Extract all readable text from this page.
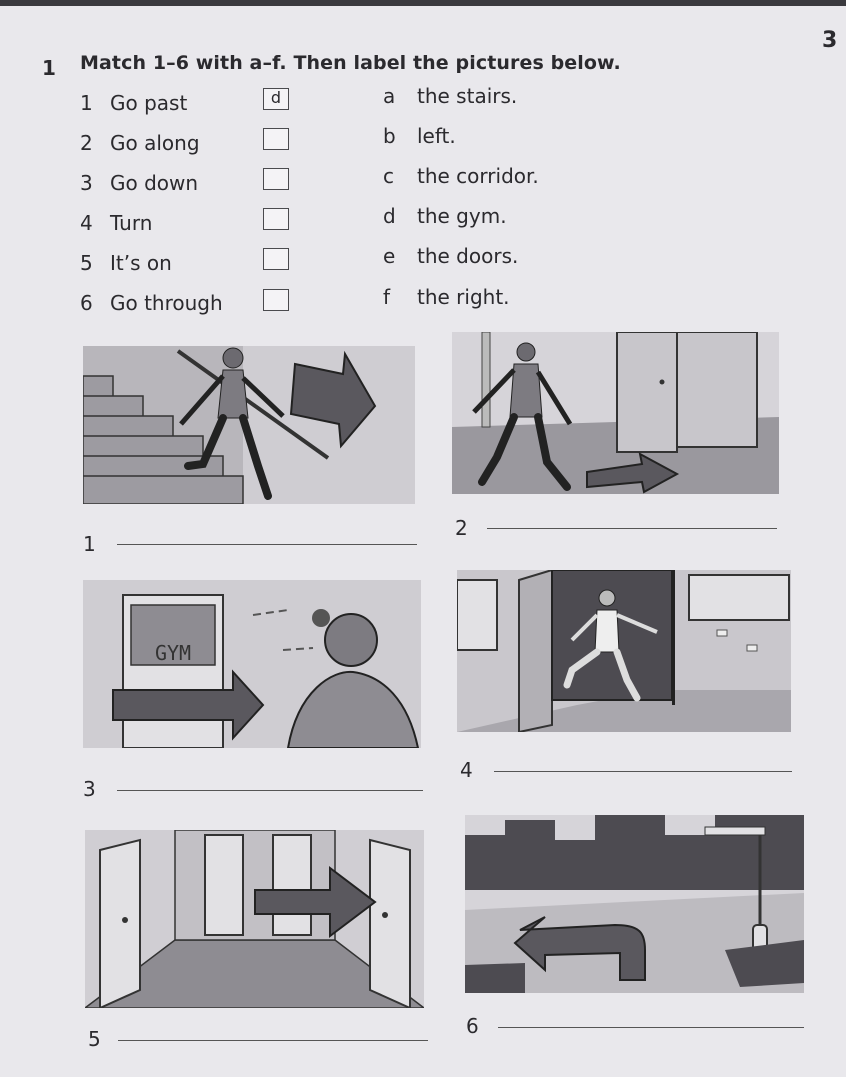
3
1 Match 1–6 with a–f. Then label the pictures below.
1 Go past
2 Go along
3 Go down
4 Turn
5 It’s on
6 Go through
d	a the stairs.
b left.
c the corridor.
d the gym.
e the doors.
f the right.
1
2
GYM
3
4
5
6
